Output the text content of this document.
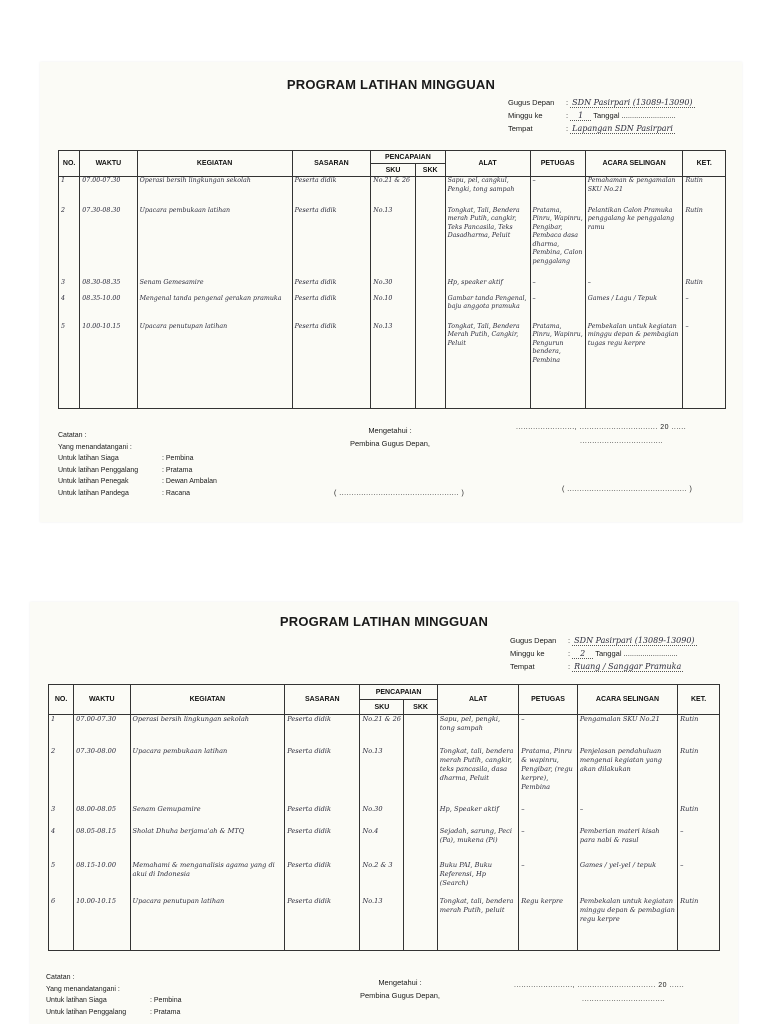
PROGRAM LATIHAN MINGGUAN
Gugus Depan : SDN Pasirpari (13089-13090)
Minggu ke	: 1 Tanggal ..........................
Tempat	: Lapangan SDN Pasirpari
NO.	WAKTU	KEGIATAN	SASARAN	PENCAPAIAN		ALAT	PETUGAS	ACARA SELINGAN	KET.
				SKU	SKK				
1	07.00-07.30	Operasi bersih lingkungan sekolah	Peserta didik	No.21 & 26		Sapu, pel, cangkul, Pengki, tong sampah	–	Pemahaman & pengamalan SKU No.21	Rutin
2	07.30-08.30	Upacara pembukaan latihan	Peserta didik	No.13		Tongkat, Tali, Bendera merah Putih, cangkir, Teks Pancasila, Teks Dasadharma, Peluit	Pratama, Pinru, Wapinru, Pengibar, Pembaca dasa dharma, Pembina, Calon penggalang	Pelantikan Calon Pramuka penggalang ke penggalang ramu	Rutin
3	08.30-08.35	Senam Gemesamire	Peserta didik	No.30		Hp, speaker aktif	–	–	Rutin
4	08.35-10.00	Mengenal tanda pengenal gerakan pramuka	Peserta didik	No.10		Gambar tanda Pengenal, baju anggota pramuka	–	Games / Lagu / Tepuk	–
5	10.00-10.15	Upacara penutupan latihan	Peserta didik	No.13		Tongkat, Tali, Bendera Merah Putih, Cangkir, Peluit	Pratama, Pinru, Wapinru, Pengurun bendera, Pembina	Pembekalan untuk kegiatan minggu depan & pembagian tugas regu kerpre	–
Catatan :
Yang menandatangani :
Untuk latihan Siaga	: Pembina
Untuk latihan Penggalang	: Pratama
Untuk latihan Penegak	: Dewan Ambalan
Untuk latihan Pandega	: Racana
Mengetahui :
Pembina Gugus Depan,
........................, ................................ 20 ......
..................................
( ................................................. )
( ................................................. )
PROGRAM LATIHAN MINGGUAN
Gugus Depan : SDN Pasirpari (13089-13090)
Minggu ke	: 2 Tanggal ..........................
Tempat	: Ruang / Sanggar Pramuka
NO.	WAKTU	KEGIATAN	SASARAN	PENCAPAIAN		ALAT	PETUGAS	ACARA SELINGAN	KET.
				SKU	SKK				
1	07.00-07.30	Operasi bersih lingkungan sekolah	Peserta didik	No.21 & 26		Sapu, pel, pengki, tong sampah	–	Pengamalan SKU No.21	Rutin
2	07.30-08.00	Upacara pembukaan latihan	Peserta didik	No.13		Tongkat, tali, bendera merah Putih, cangkir, teks pancasila, dasa dharma, Peluit	Pratama, Pinru & wapinru, Pengibar, (regu kerpre), Pembina	Penjelasan pendahuluan mengenai kegiatan yang akan dilakukan	Rutin
3	08.00-08.05	Senam Gemupamire	Peserta didik	No.30		Hp, Speaker aktif	–	–	Rutin
4	08.05-08.15	Sholat Dhuha berjama'ah & MTQ	Peserta didik	No.4		Sejadah, sarung, Peci (Pa), mukena (Pi)	–	Pemberian materi kisah para nabi & rasul	–
5	08.15-10.00	Memahami & menganalisis agama yang di akui di Indonesia	Peserta didik	No.2 & 3		Buku PAI, Buku Referensi, Hp (Search)	–	Games / yel-yel / tepuk	–
6	10.00-10.15	Upacara penutupan latihan	Peserta didik	No.13		Tongkat, tali, bendera merah Putih, peluit	Regu kerpre	Pembekalan untuk kegiatan minggu depan & pembagian regu kerpre	Rutin
Catatan :
Yang menandatangani :
Untuk latihan Siaga	: Pembina
Untuk latihan Penggalang	: Pratama
Mengetahui :
Pembina Gugus Depan,
........................, ................................ 20 ......
..................................
